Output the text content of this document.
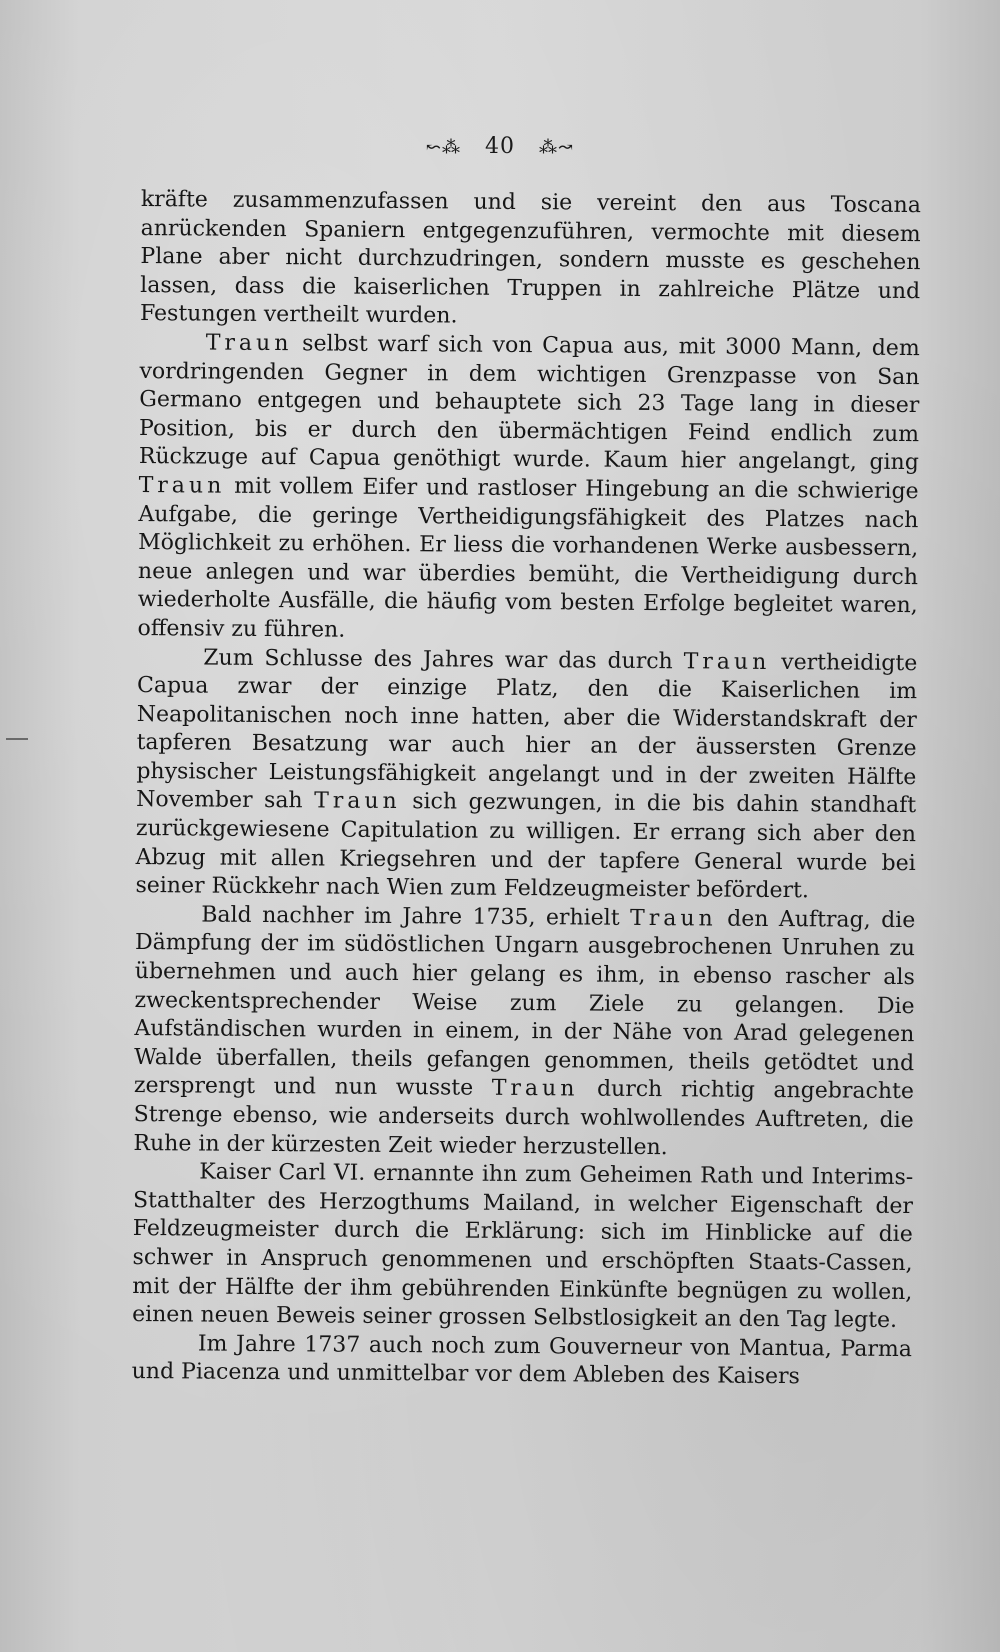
↜⁂ 40 ⁂↝

kräfte zusammenzufassen und sie vereint den aus Toscana anrückenden Spaniern entgegenzuführen, vermochte mit diesem Plane aber nicht durchzudringen, sondern musste es geschehen lassen, dass die kaiserlichen Truppen in zahlreiche Plätze und Festungen vertheilt wurden.

Traun selbst warf sich von Capua aus, mit 3000 Mann, dem vordringenden Gegner in dem wichtigen Grenzpasse von San Germano entgegen und behauptete sich 23 Tage lang in dieser Position, bis er durch den übermächtigen Feind endlich zum Rückzuge auf Capua genöthigt wurde. Kaum hier angelangt, ging Traun mit vollem Eifer und rastloser Hingebung an die schwierige Aufgabe, die geringe Vertheidigungsfähigkeit des Platzes nach Möglichkeit zu erhöhen. Er liess die vorhandenen Werke ausbessern, neue anlegen und war überdies bemüht, die Vertheidigung durch wiederholte Ausfälle, die häufig vom besten Erfolge begleitet waren, offensiv zu führen.

Zum Schlusse des Jahres war das durch Traun vertheidigte Capua zwar der einzige Platz, den die Kaiserlichen im Neapolitanischen noch inne hatten, aber die Widerstandskraft der tapferen Besatzung war auch hier an der äussersten Grenze physischer Leistungsfähigkeit angelangt und in der zweiten Hälfte November sah Traun sich gezwungen, in die bis dahin standhaft zurückgewiesene Capitulation zu willigen. Er errang sich aber den Abzug mit allen Kriegsehren und der tapfere General wurde bei seiner Rückkehr nach Wien zum Feldzeugmeister befördert.

Bald nachher im Jahre 1735, erhielt Traun den Auftrag, die Dämpfung der im südöstlichen Ungarn ausgebrochenen Unruhen zu übernehmen und auch hier gelang es ihm, in ebenso rascher als zweckentsprechender Weise zum Ziele zu gelangen. Die Aufständischen wurden in einem, in der Nähe von Arad gelegenen Walde überfallen, theils gefangen genommen, theils getödtet und zersprengt und nun wusste Traun durch richtig angebrachte Strenge ebenso, wie anderseits durch wohlwollendes Auftreten, die Ruhe in der kürzesten Zeit wieder herzustellen.

Kaiser Carl VI. ernannte ihn zum Geheimen Rath und Interims-Statthalter des Herzogthums Mailand, in welcher Eigenschaft der Feldzeugmeister durch die Erklärung: sich im Hinblicke auf die schwer in Anspruch genommenen und erschöpften Staats-Cassen, mit der Hälfte der ihm gebührenden Einkünfte begnügen zu wollen, einen neuen Beweis seiner grossen Selbstlosigkeit an den Tag legte.

Im Jahre 1737 auch noch zum Gouverneur von Mantua, Parma und Piacenza und unmittelbar vor dem Ableben des Kaisers
